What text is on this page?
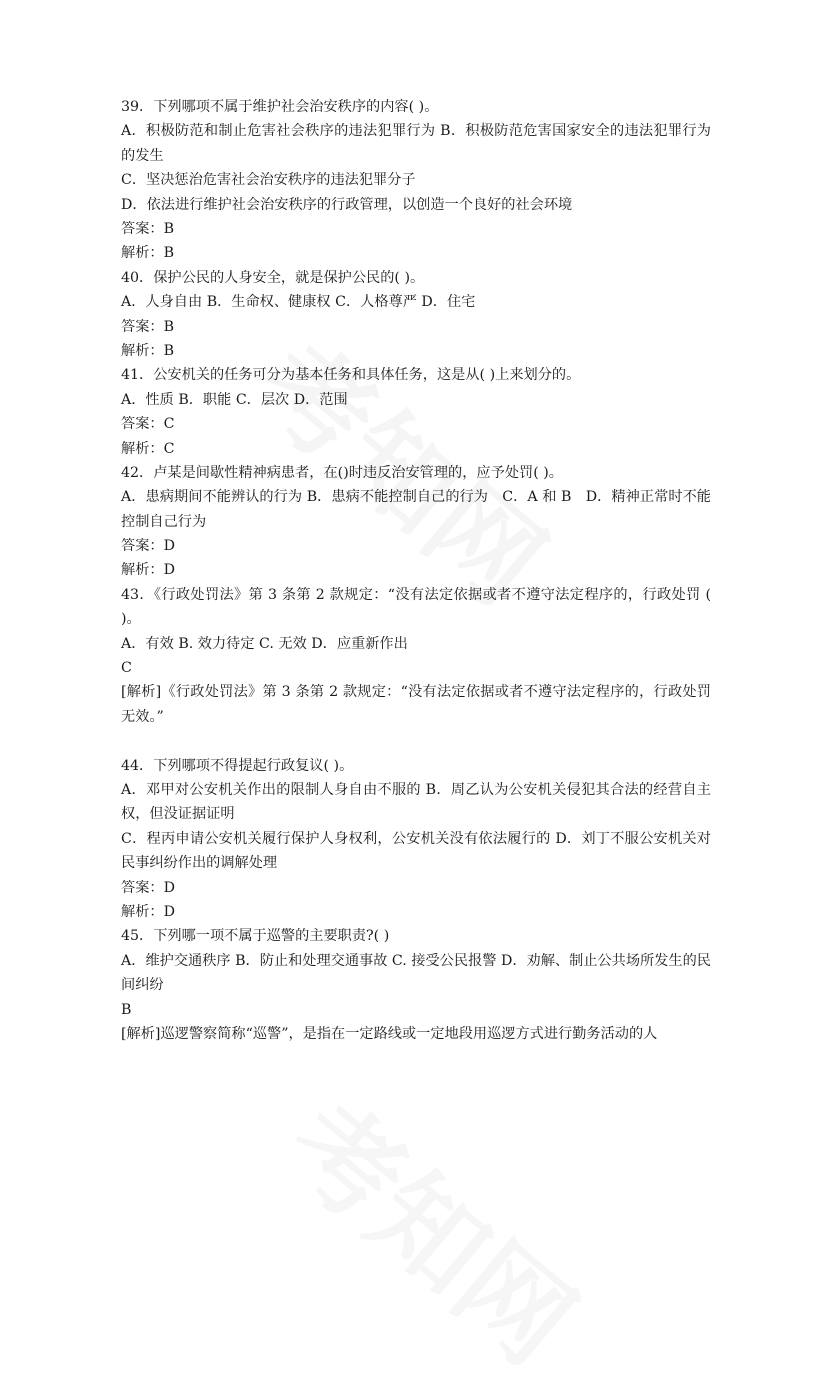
39．下列哪项不属于维护社会治安秩序的内容( )。
A．积极防范和制止危害社会秩序的违法犯罪行为 B．积极防范危害国家安全的违法犯罪行为的发生
C．坚决惩治危害社会治安秩序的违法犯罪分子
D．依法进行维护社会治安秩序的行政管理，以创造一个良好的社会环境
答案：B
解析：B
40．保护公民的人身安全，就是保护公民的( )。
A．人身自由 B．生命权、健康权 C．人格尊严 D．住宅
答案：B
解析：B
41．公安机关的任务可分为基本任务和具体任务，这是从( )上来划分的。
A．性质 B．职能 C．层次 D．范围
答案：C
解析：C
42．卢某是间歇性精神病患者，在()时违反治安管理的，应予处罚( )。
A．患病期间不能辨认的行为 B．患病不能控制自己的行为　C．A 和 B　D．精神正常时不能控制自己行为
答案：D
解析：D
43．《行政处罚法》第 3 条第 2 款规定：“没有法定依据或者不遵守法定程序的，行政处罚 ( )。
A．有效 B. 效力待定 C. 无效 D．应重新作出
C
[解析]《行政处罚法》第 3 条第 2 款规定：“没有法定依据或者不遵守法定程序的，行政处罚无效。”
44．下列哪项不得提起行政复议( )。
A．邓甲对公安机关作出的限制人身自由不服的 B．周乙认为公安机关侵犯其合法的经营自主权，但没证据证明
C．程丙申请公安机关履行保护人身权利，公安机关没有依法履行的 D．刘丁不服公安机关对民事纠纷作出的调解处理
答案：D
解析：D
45．下列哪一项不属于巡警的主要职责?( )
A．维护交通秩序 B．防止和处理交通事故 C. 接受公民报警 D．劝解、制止公共场所发生的民间纠纷
B
[解析]巡逻警察简称“巡警”，是指在一定路线或一定地段用巡逻方式进行勤务活动的人
